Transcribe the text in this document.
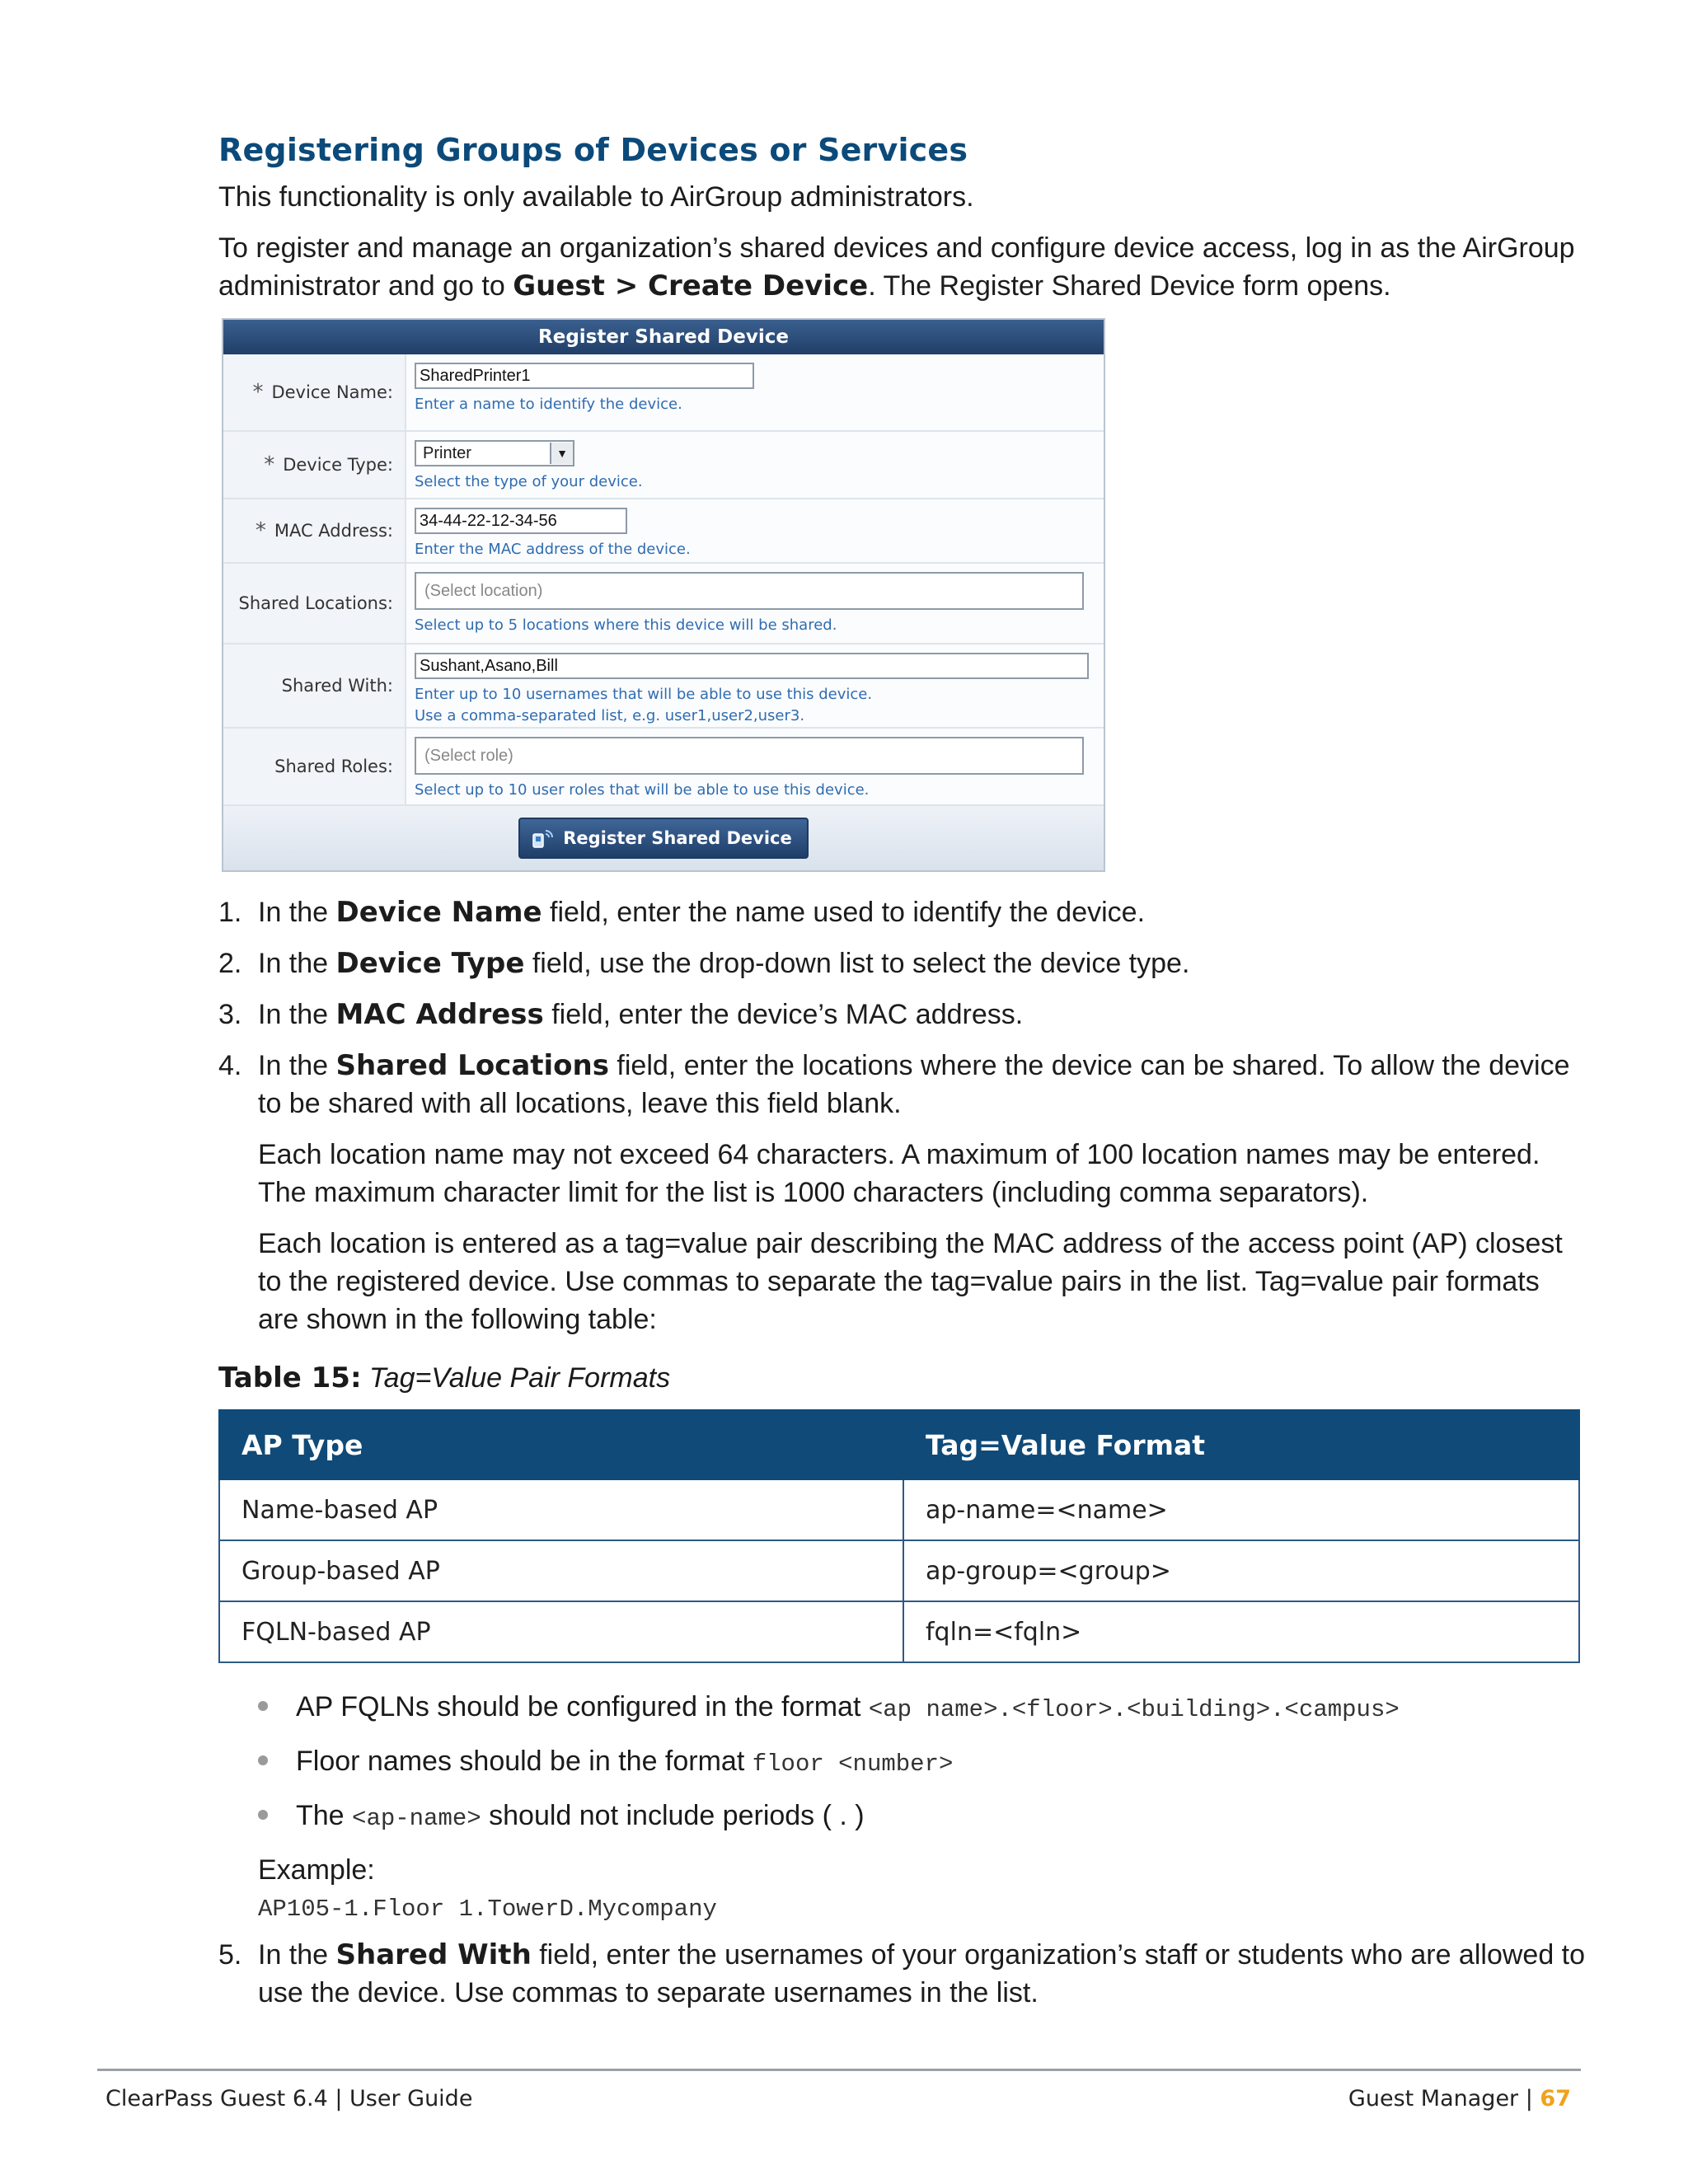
Registering Groups of Devices or Services

This functionality is only available to AirGroup administrators.

To register and manage an organization’s shared devices and configure device access, log in as the AirGroup administrator and go to Guest > Create Device. The Register Shared Device form opens.

Register Shared Device
* Device Name:
SharedPrinter1
Enter a name to identify the device.
* Device Type:
Printer	▼
Select the type of your device.
* MAC Address:	34-44-22-12-34-56
Enter the MAC address of the device.
Shared Locations:
(Select location)
Select up to 5 locations where this device will be shared.
Shared With:
Sushant,Asano,Bill
Enter up to 10 usernames that will be able to use this device.
Use a comma-separated list, e.g. user1,user2,user3.
Shared Roles:
(Select role)
Select up to 10 user roles that will be able to use this device.
Register Shared Device
1. In the Device Name field, enter the name used to identify the device.
2. In the Device Type field, use the drop-down list to select the device type.
3. In the MAC Address field, enter the device’s MAC address.
4. In the Shared Locations field, enter the locations where the device can be shared. To allow the device to be shared with all locations, leave this field blank.

Each location name may not exceed 64 characters. A maximum of 100 location names may be entered. The maximum character limit for the list is 1000 characters (including comma separators).

Each location is entered as a tag=value pair describing the MAC address of the access point (AP) closest to the registered device. Use commas to separate the tag=value pairs in the list. Tag=value pair formats are shown in the following table:

Table 15: Tag=Value Pair Formats
AP Type	Tag=Value Format
Name-based AP	ap-name=<name>
Group-based AP	ap-group=<group>
FQLN-based AP	fqln=<fqln>
AP FQLNs should be configured in the format <ap name>.<floor>.<building>.<campus>
Floor names should be in the format floor <number>
The <ap-name> should not include periods ( . )

Example:

AP105-1.Floor 1.TowerD.Mycompany
5. In the Shared With field, enter the usernames of your organization’s staff or students who are allowed to use the device. Use commas to separate usernames in the list.
ClearPass Guest 6.4 | User Guide	Guest Manager | 67
